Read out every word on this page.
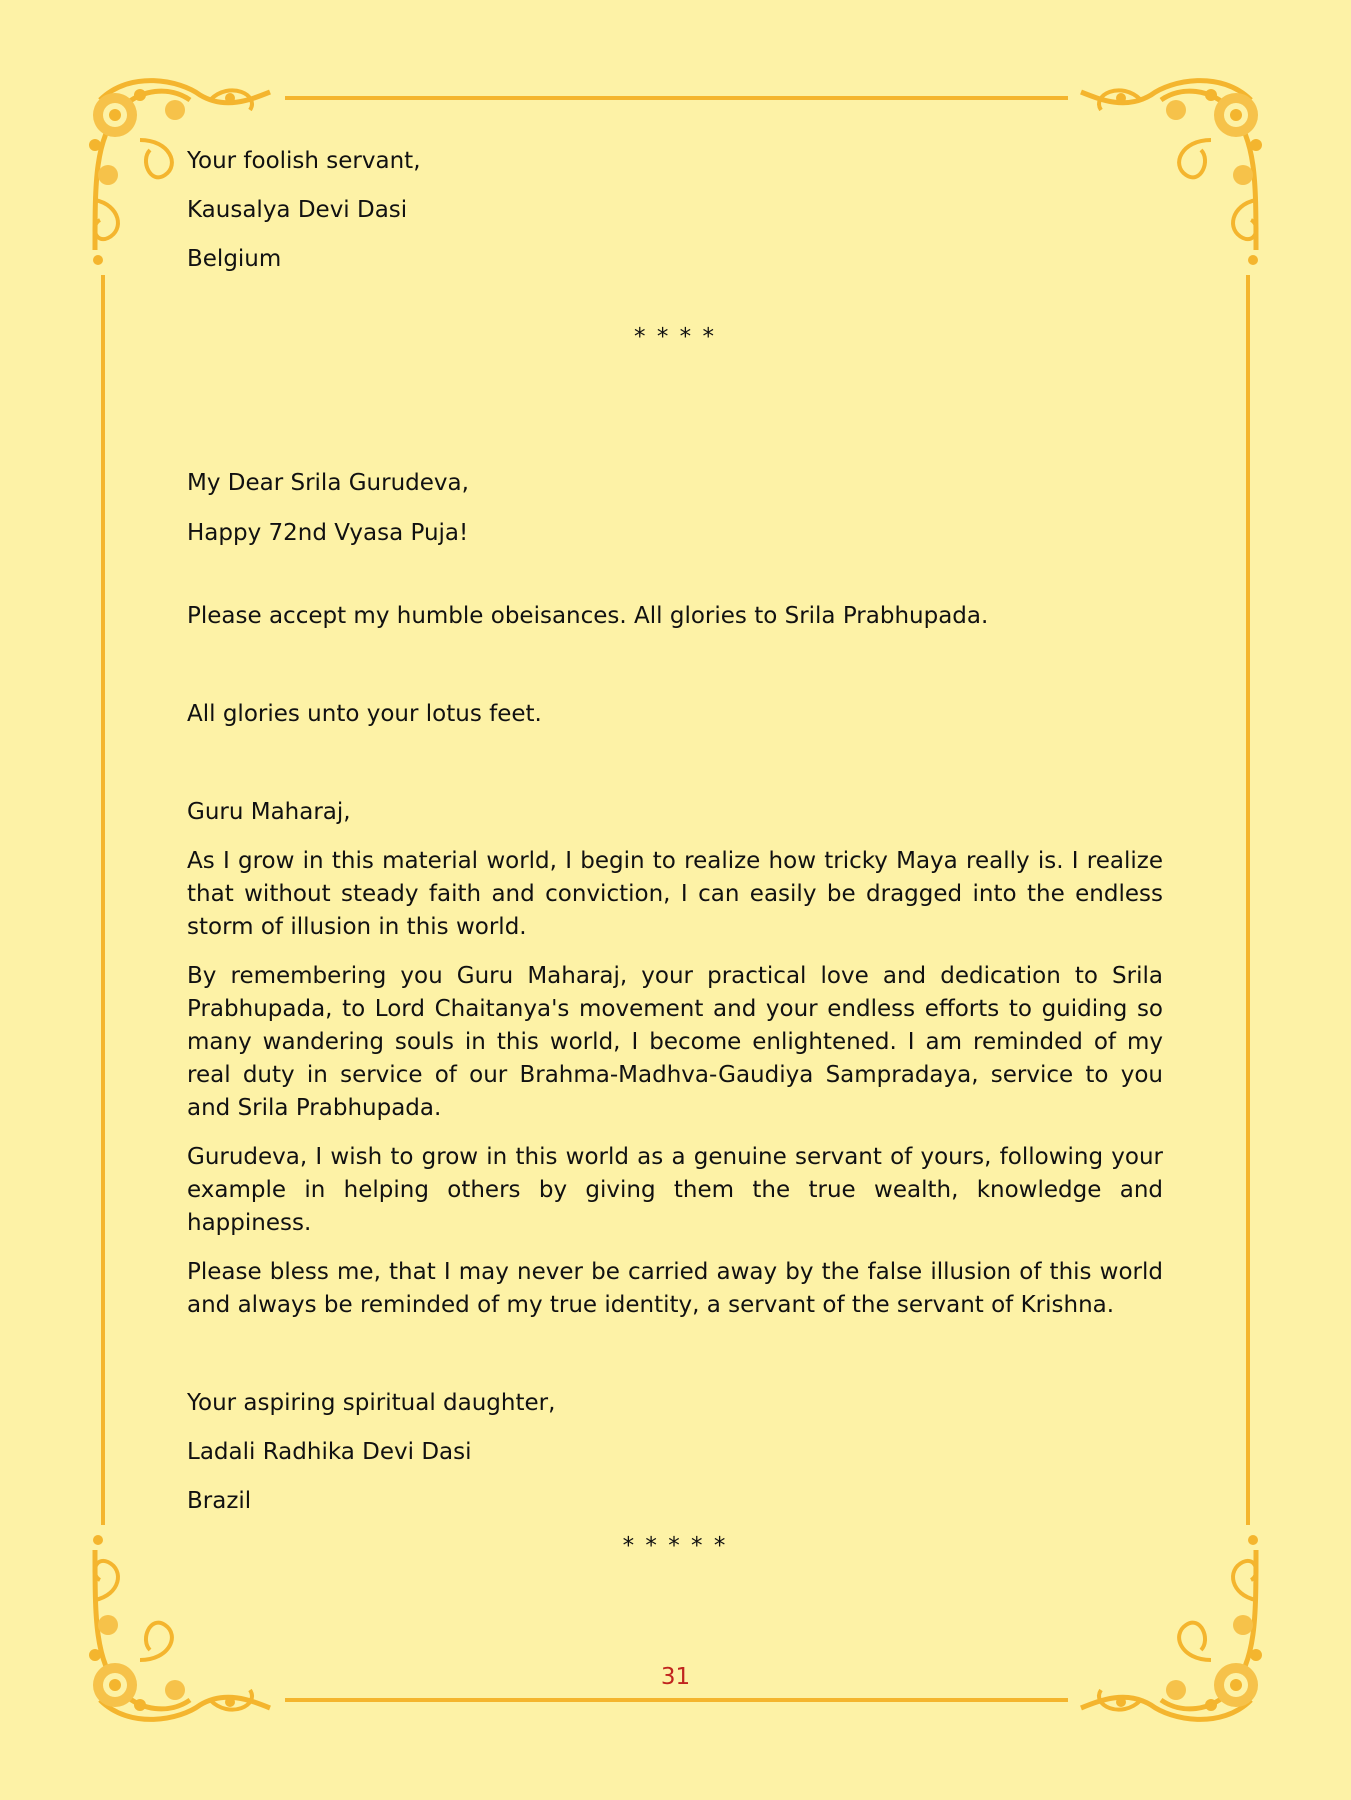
Your foolish servant,

Kausalya Devi Dasi

Belgium

* * * *

My Dear Srila Gurudeva,

Happy 72nd Vyasa Puja!

Please accept my humble obeisances. All glories to Srila Prabhupada.

All glories unto your lotus feet.

Guru Maharaj,

As I grow in this material world, I begin to realize how tricky Maya really is. I realize that without steady faith and conviction, I can easily be dragged into the endless storm of illusion in this world.

By remembering you Guru Maharaj, your practical love and dedication to Srila Prabhupada, to Lord Chaitanya's movement and your endless efforts to guiding so many wandering souls in this world, I become enlightened. I am reminded of my real duty in service of our Brahma-Madhva-Gaudiya Sampradaya, service to you and Srila Prabhupada.

Gurudeva, I wish to grow in this world as a genuine servant of yours, following your example in helping others by giving them the true wealth, knowledge and happiness.

Please bless me, that I may never be carried away by the false illusion of this world and always be reminded of my true identity, a servant of the servant of Krishna.

Your aspiring spiritual daughter,

Ladali Radhika Devi Dasi

Brazil

* * * * *

31
